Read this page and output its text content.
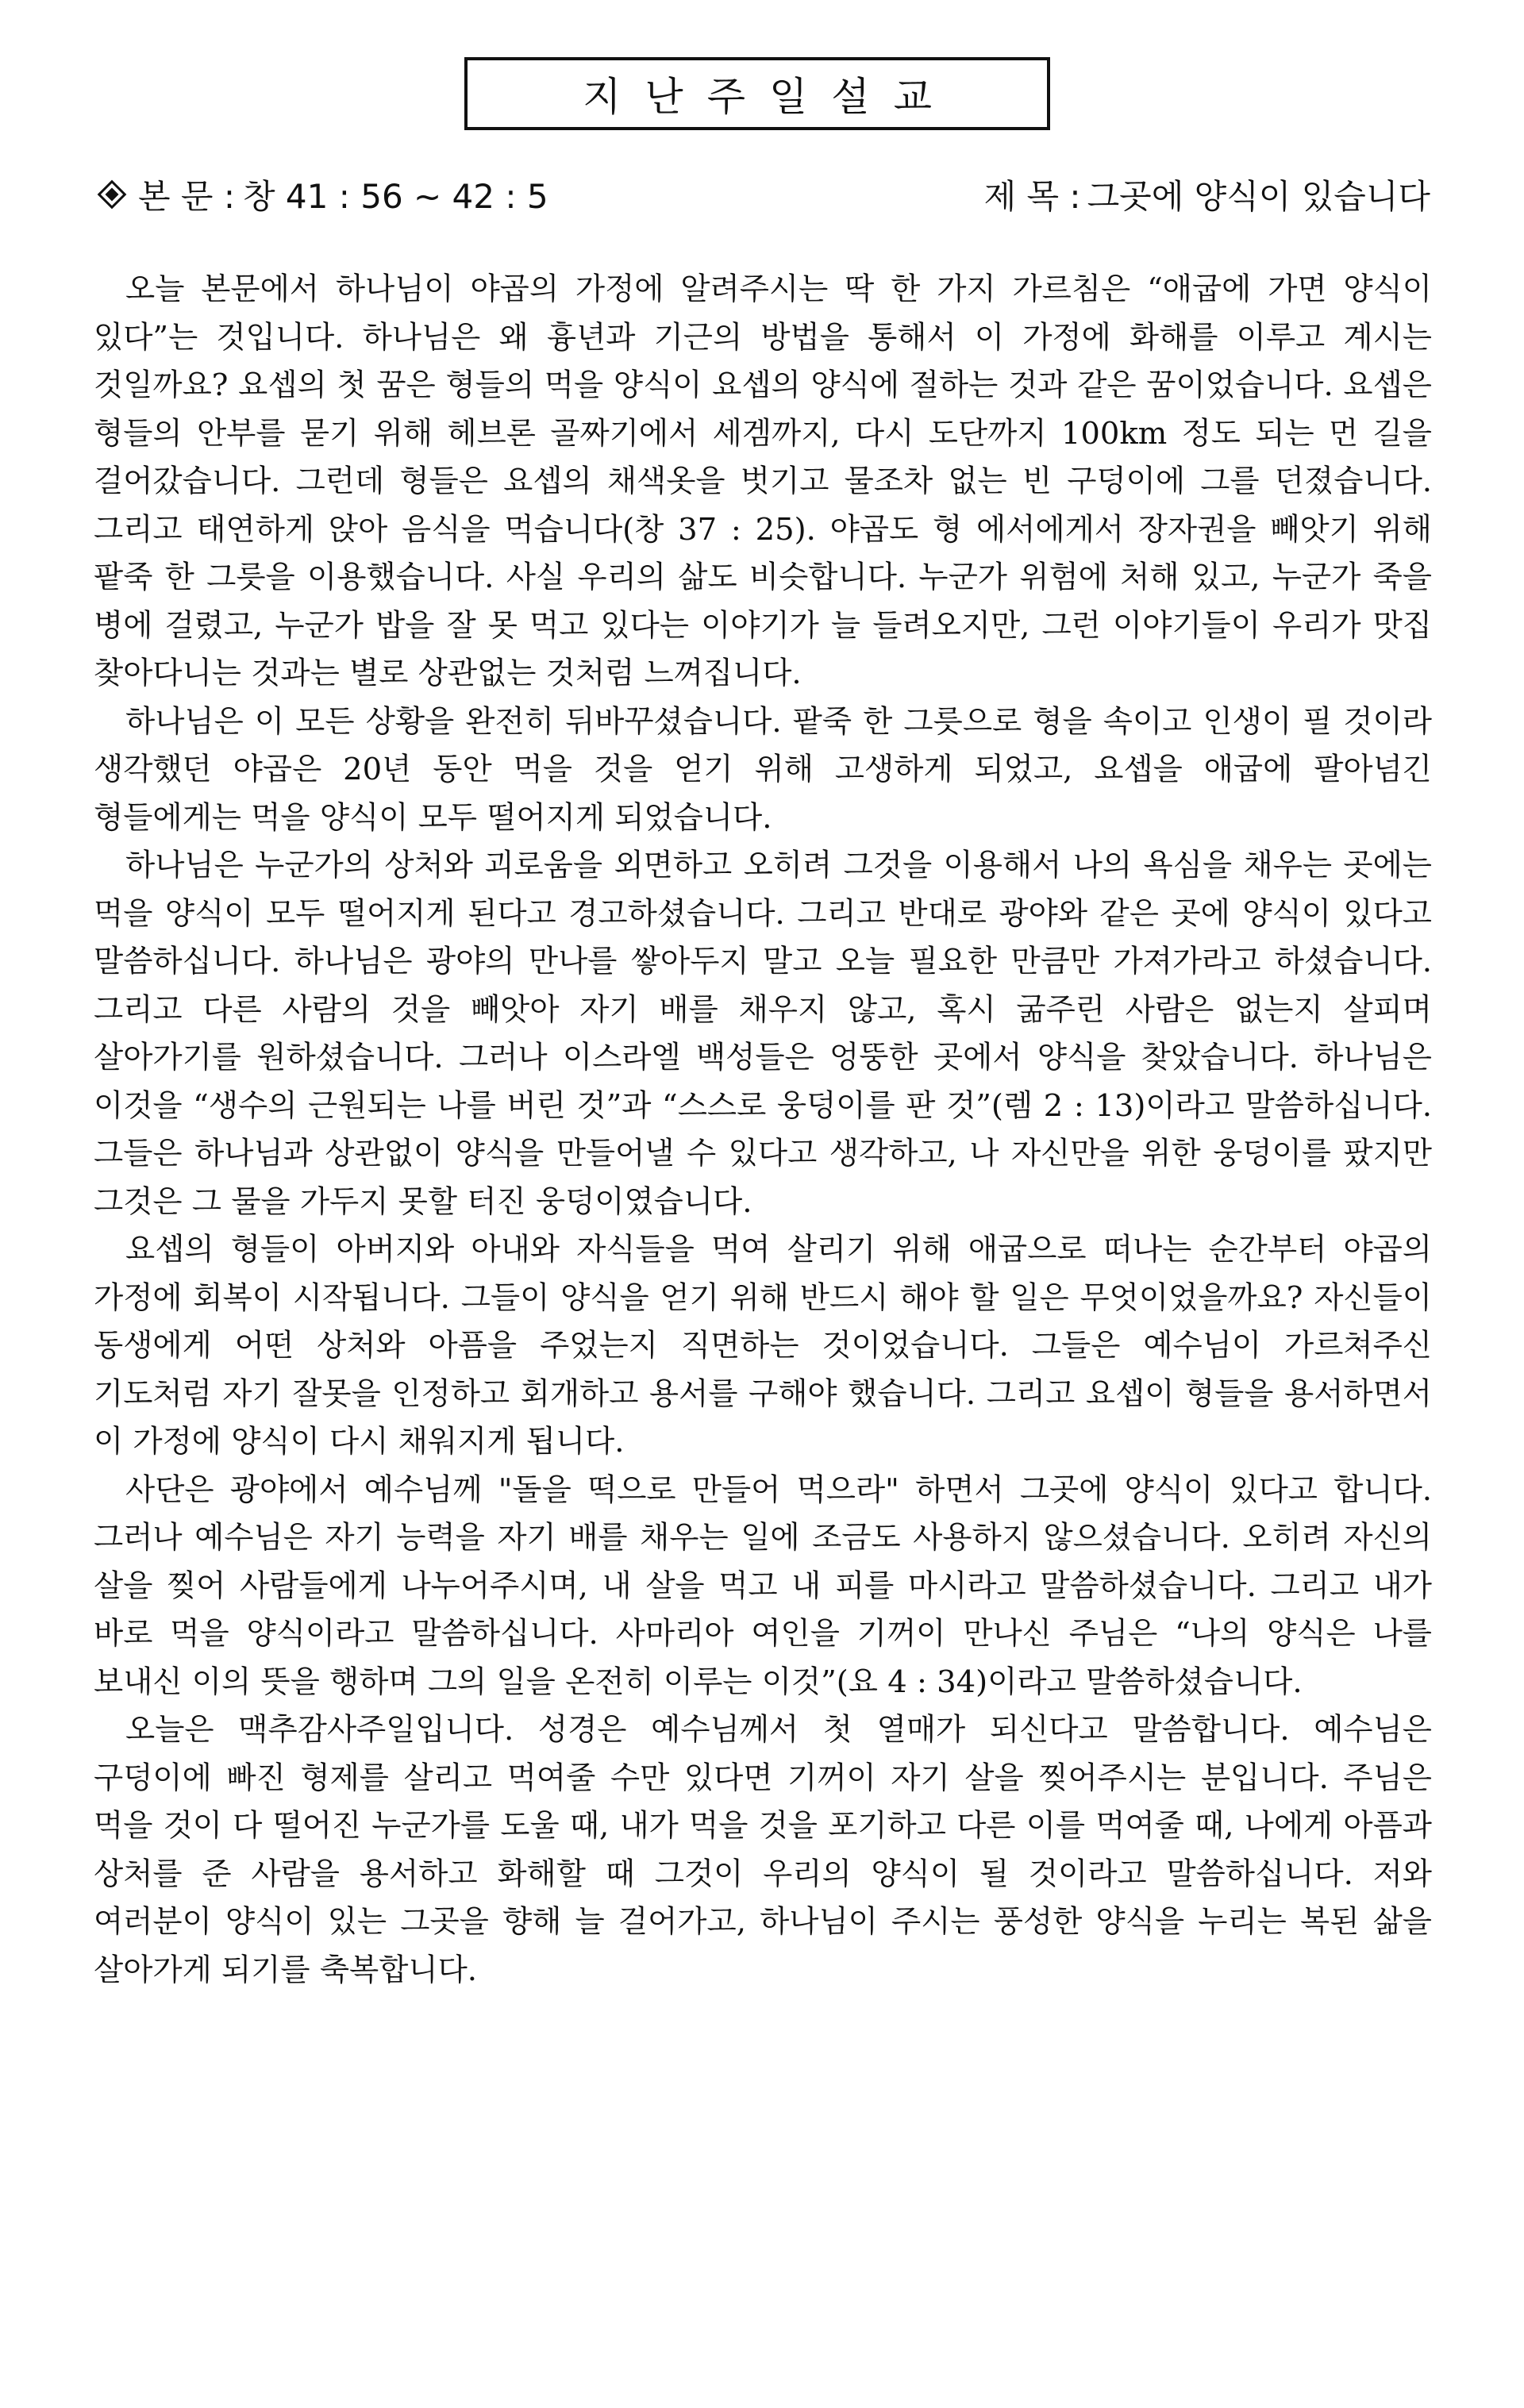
지난주일설교
본 문 : 창 41 : 56 ~ 42 : 5	제 목 : 그곳에 양식이 있습니다

오늘 본문에서 하나님이 야곱의 가정에 알려주시는 딱 한 가지 가르침은 “애굽에 가면 양식이 있다”는 것입니다. 하나님은 왜 흉년과 기근의 방법을 통해서 이 가정에 화해를 이루고 계시는 것일까요? 요셉의 첫 꿈은 형들의 먹을 양식이 요셉의 양식에 절하는 것과 같은 꿈이었습니다. 요셉은 형들의 안부를 묻기 위해 헤브론 골짜기에서 세겜까지, 다시 도단까지 100km 정도 되는 먼 길을 걸어갔습니다. 그런데 형들은 요셉의 채색옷을 벗기고 물조차 없는 빈 구덩이에 그를 던졌습니다. 그리고 태연하게 앉아 음식을 먹습니다(창 37 : 25). 야곱도 형 에서에게서 장자권을 빼앗기 위해 팥죽 한 그릇을 이용했습니다. 사실 우리의 삶도 비슷합니다. 누군가 위험에 처해 있고, 누군가 죽을 병에 걸렸고, 누군가 밥을 잘 못 먹고 있다는 이야기가 늘 들려오지만, 그런 이야기들이 우리가 맛집 찾아다니는 것과는 별로 상관없는 것처럼 느껴집니다.

하나님은 이 모든 상황을 완전히 뒤바꾸셨습니다. 팥죽 한 그릇으로 형을 속이고 인생이 필 것이라 생각했던 야곱은 20년 동안 먹을 것을 얻기 위해 고생하게 되었고, 요셉을 애굽에 팔아넘긴 형들에게는 먹을 양식이 모두 떨어지게 되었습니다.

하나님은 누군가의 상처와 괴로움을 외면하고 오히려 그것을 이용해서 나의 욕심을 채우는 곳에는 먹을 양식이 모두 떨어지게 된다고 경고하셨습니다. 그리고 반대로 광야와 같은 곳에 양식이 있다고 말씀하십니다. 하나님은 광야의 만나를 쌓아두지 말고 오늘 필요한 만큼만 가져가라고 하셨습니다. 그리고 다른 사람의 것을 빼앗아 자기 배를 채우지 않고, 혹시 굶주린 사람은 없는지 살피며 살아가기를 원하셨습니다. 그러나 이스라엘 백성들은 엉뚱한 곳에서 양식을 찾았습니다. 하나님은 이것을 “생수의 근원되는 나를 버린 것”과 “스스로 웅덩이를 판 것”(렘 2 : 13)이라고 말씀하십니다. 그들은 하나님과 상관없이 양식을 만들어낼 수 있다고 생각하고, 나 자신만을 위한 웅덩이를 팠지만 그것은 그 물을 가두지 못할 터진 웅덩이였습니다.

요셉의 형들이 아버지와 아내와 자식들을 먹여 살리기 위해 애굽으로 떠나는 순간부터 야곱의 가정에 회복이 시작됩니다. 그들이 양식을 얻기 위해 반드시 해야 할 일은 무엇이었을까요? 자신들이 동생에게 어떤 상처와 아픔을 주었는지 직면하는 것이었습니다. 그들은 예수님이 가르쳐주신 기도처럼 자기 잘못을 인정하고 회개하고 용서를 구해야 했습니다. 그리고 요셉이 형들을 용서하면서 이 가정에 양식이 다시 채워지게 됩니다.

사단은 광야에서 예수님께 "돌을 떡으로 만들어 먹으라" 하면서 그곳에 양식이 있다고 합니다. 그러나 예수님은 자기 능력을 자기 배를 채우는 일에 조금도 사용하지 않으셨습니다. 오히려 자신의 살을 찢어 사람들에게 나누어주시며, 내 살을 먹고 내 피를 마시라고 말씀하셨습니다. 그리고 내가 바로 먹을 양식이라고 말씀하십니다. 사마리아 여인을 기꺼이 만나신 주님은 “나의 양식은 나를 보내신 이의 뜻을 행하며 그의 일을 온전히 이루는 이것”(요 4 : 34)이라고 말씀하셨습니다.

오늘은 맥추감사주일입니다. 성경은 예수님께서 첫 열매가 되신다고 말씀합니다. 예수님은 구덩이에 빠진 형제를 살리고 먹여줄 수만 있다면 기꺼이 자기 살을 찢어주시는 분입니다. 주님은 먹을 것이 다 떨어진 누군가를 도울 때, 내가 먹을 것을 포기하고 다른 이를 먹여줄 때, 나에게 아픔과 상처를 준 사람을 용서하고 화해할 때 그것이 우리의 양식이 될 것이라고 말씀하십니다. 저와 여러분이 양식이 있는 그곳을 향해 늘 걸어가고, 하나님이 주시는 풍성한 양식을 누리는 복된 삶을 살아가게 되기를 축복합니다.
